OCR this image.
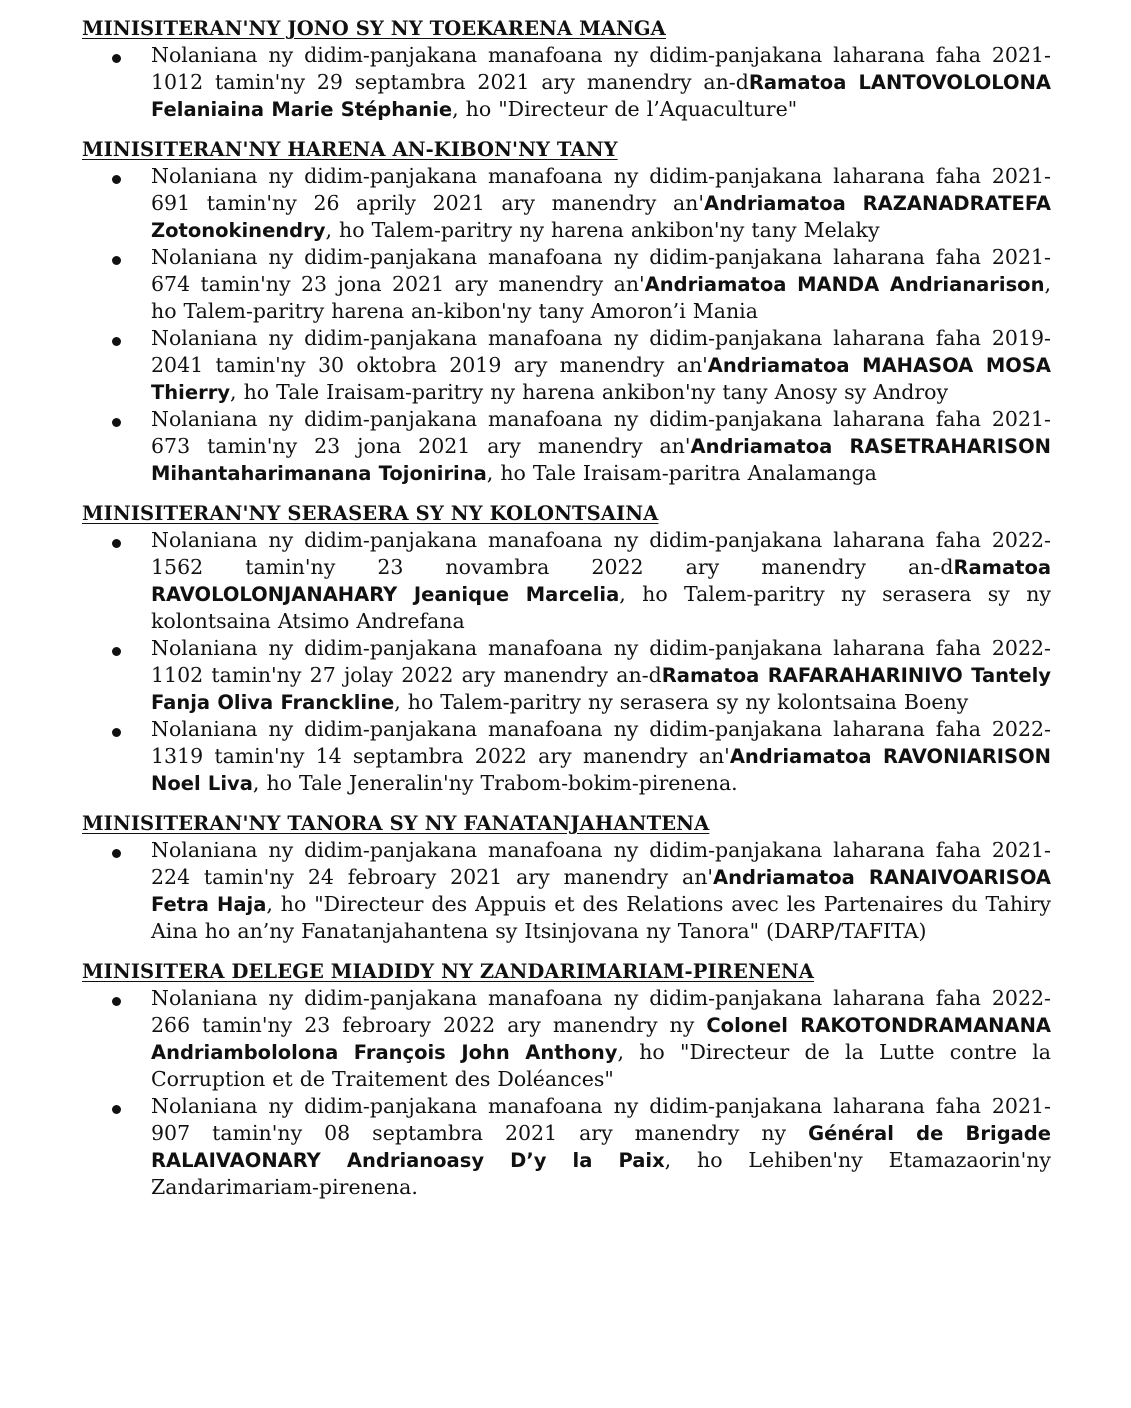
MINISITERAN'NY JONO SY NY TOEKARENA MANGA
Nolaniana ny didim-panjakana manafoana ny didim-panjakana laharana faha 2021-1012 tamin'ny 29 septambra 2021 ary manendry an-dRamatoa LANTOVOLOLONA Felaniaina Marie Stéphanie, ho "Directeur de l’Aquaculture"
MINISITERAN'NY HARENA AN-KIBON'NY TANY
Nolaniana ny didim-panjakana manafoana ny didim-panjakana laharana faha 2021-691 tamin'ny 26 aprily 2021 ary manendry an'Andriamatoa RAZANADRATEFA Zotonokinendry, ho Talem-paritry ny harena ankibon'ny tany Melaky
Nolaniana ny didim-panjakana manafoana ny didim-panjakana laharana faha 2021-674 tamin'ny 23 jona 2021 ary manendry an'Andriamatoa MANDA Andrianarison, ho Talem-paritry harena an-kibon'ny tany Amoron’i Mania
Nolaniana ny didim-panjakana manafoana ny didim-panjakana laharana faha 2019-2041 tamin'ny 30 oktobra 2019 ary manendry an'Andriamatoa MAHASOA MOSA Thierry, ho Tale Iraisam-paritry ny harena ankibon'ny tany Anosy sy Androy
Nolaniana ny didim-panjakana manafoana ny didim-panjakana laharana faha 2021-673 tamin'ny 23 jona 2021 ary manendry an'Andriamatoa RASETRAHARISON Mihantaharimanana Tojonirina, ho Tale Iraisam-paritra Analamanga
MINISITERAN'NY SERASERA SY NY KOLONTSAINA
Nolaniana ny didim-panjakana manafoana ny didim-panjakana laharana faha 2022-1562 tamin'ny 23 novambra 2022 ary manendry an-dRamatoa RAVOLOLONJANAHARY Jeanique Marcelia, ho Talem-paritry ny serasera sy ny kolontsaina Atsimo Andrefana
Nolaniana ny didim-panjakana manafoana ny didim-panjakana laharana faha 2022-1102 tamin'ny 27 jolay 2022 ary manendry an-dRamatoa RAFARAHARINIVO Tantely Fanja Oliva Franckline, ho Talem-paritry ny serasera sy ny kolontsaina Boeny
Nolaniana ny didim-panjakana manafoana ny didim-panjakana laharana faha 2022-1319 tamin'ny 14 septambra 2022 ary manendry an'Andriamatoa RAVONIARISON Noel Liva, ho Tale Jeneralin'ny Trabom-bokim-pirenena.
MINISITERAN'NY TANORA SY NY FANATANJAHANTENA
Nolaniana ny didim-panjakana manafoana ny didim-panjakana laharana faha 2021-224 tamin'ny 24 febroary 2021 ary manendry an'Andriamatoa RANAIVOARISOA Fetra Haja, ho "Directeur des Appuis et des Relations avec les Partenaires du Tahiry Aina ho an’ny Fanatanjahantena sy Itsinjovana ny Tanora" (DARP/TAFITA)
MINISITERA DELEGE MIADIDY NY ZANDARIMARIAM-PIRENENA
Nolaniana ny didim-panjakana manafoana ny didim-panjakana laharana faha 2022-266 tamin'ny 23 febroary 2022 ary manendry ny Colonel RAKOTONDRAMANANA Andriambololona François John Anthony, ho "Directeur de la Lutte contre la Corruption et de Traitement des Doléances"
Nolaniana ny didim-panjakana manafoana ny didim-panjakana laharana faha 2021-907 tamin'ny 08 septambra 2021 ary manendry ny Général de Brigade RALAIVAONARY Andrianoasy D’y la Paix, ho Lehiben'ny Etamazaorin'ny Zandarimariam-pirenena.
